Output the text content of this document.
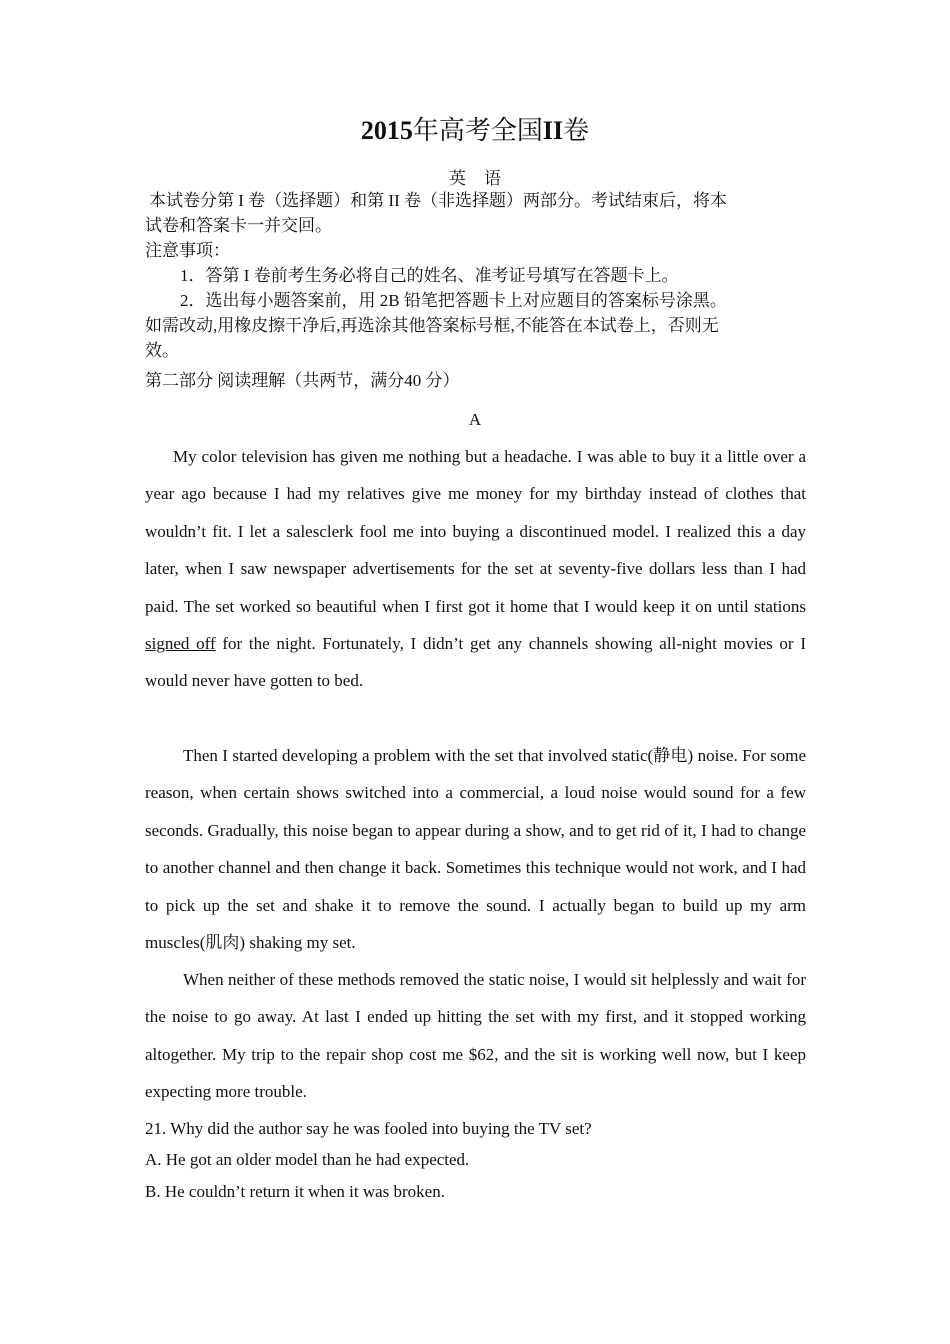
2015年高考全国II卷
英语
本试卷分第 I 卷（选择题）和第 II 卷（非选择题）两部分。考试结束后，将本
试卷和答案卡一并交回。
注意事项：
1．答第 I 卷前考生务必将自己的姓名、准考证号填写在答题卡上。
2．选出每小题答案前，用 2B 铅笔把答题卡上对应题目的答案标号涂黑。
如需改动,用橡皮擦干净后,再选涂其他答案标号框,不能答在本试卷上，否则无
效。
第二部分 阅读理解（共两节，满分40 分）
A
My color television has given me nothing but a headache. I was able to buy it a little over a year ago because I had my relatives give me money for my birthday instead of clothes that wouldn’t fit. I let a salesclerk fool me into buying a discontinued model. I realized this a day later, when I saw newspaper advertisements for the set at seventy-five dollars less than I had paid. The set worked so beautiful when I first got it home that I would keep it on until stations signed off for the night. Fortunately, I didn’t get any channels showing all-night movies or I would never have gotten to bed.
Then I started developing a problem with the set that involved static(静电) noise. For some reason, when certain shows switched into a commercial, a loud noise would sound for a few seconds. Gradually, this noise began to appear during a show, and to get rid of it, I had to change to another channel and then change it back. Sometimes this technique would not work, and I had to pick up the set and shake it to remove the sound. I actually began to build up my arm muscles(肌肉) shaking my set.
When neither of these methods removed the static noise, I would sit helplessly and wait for the noise to go away. At last I ended up hitting the set with my first, and it stopped working altogether. My trip to the repair shop cost me $62, and the sit is working well now, but I keep expecting more trouble.
21. Why did the author say he was fooled into buying the TV set?
A. He got an older model than he had expected.
B. He couldn’t return it when it was broken.
